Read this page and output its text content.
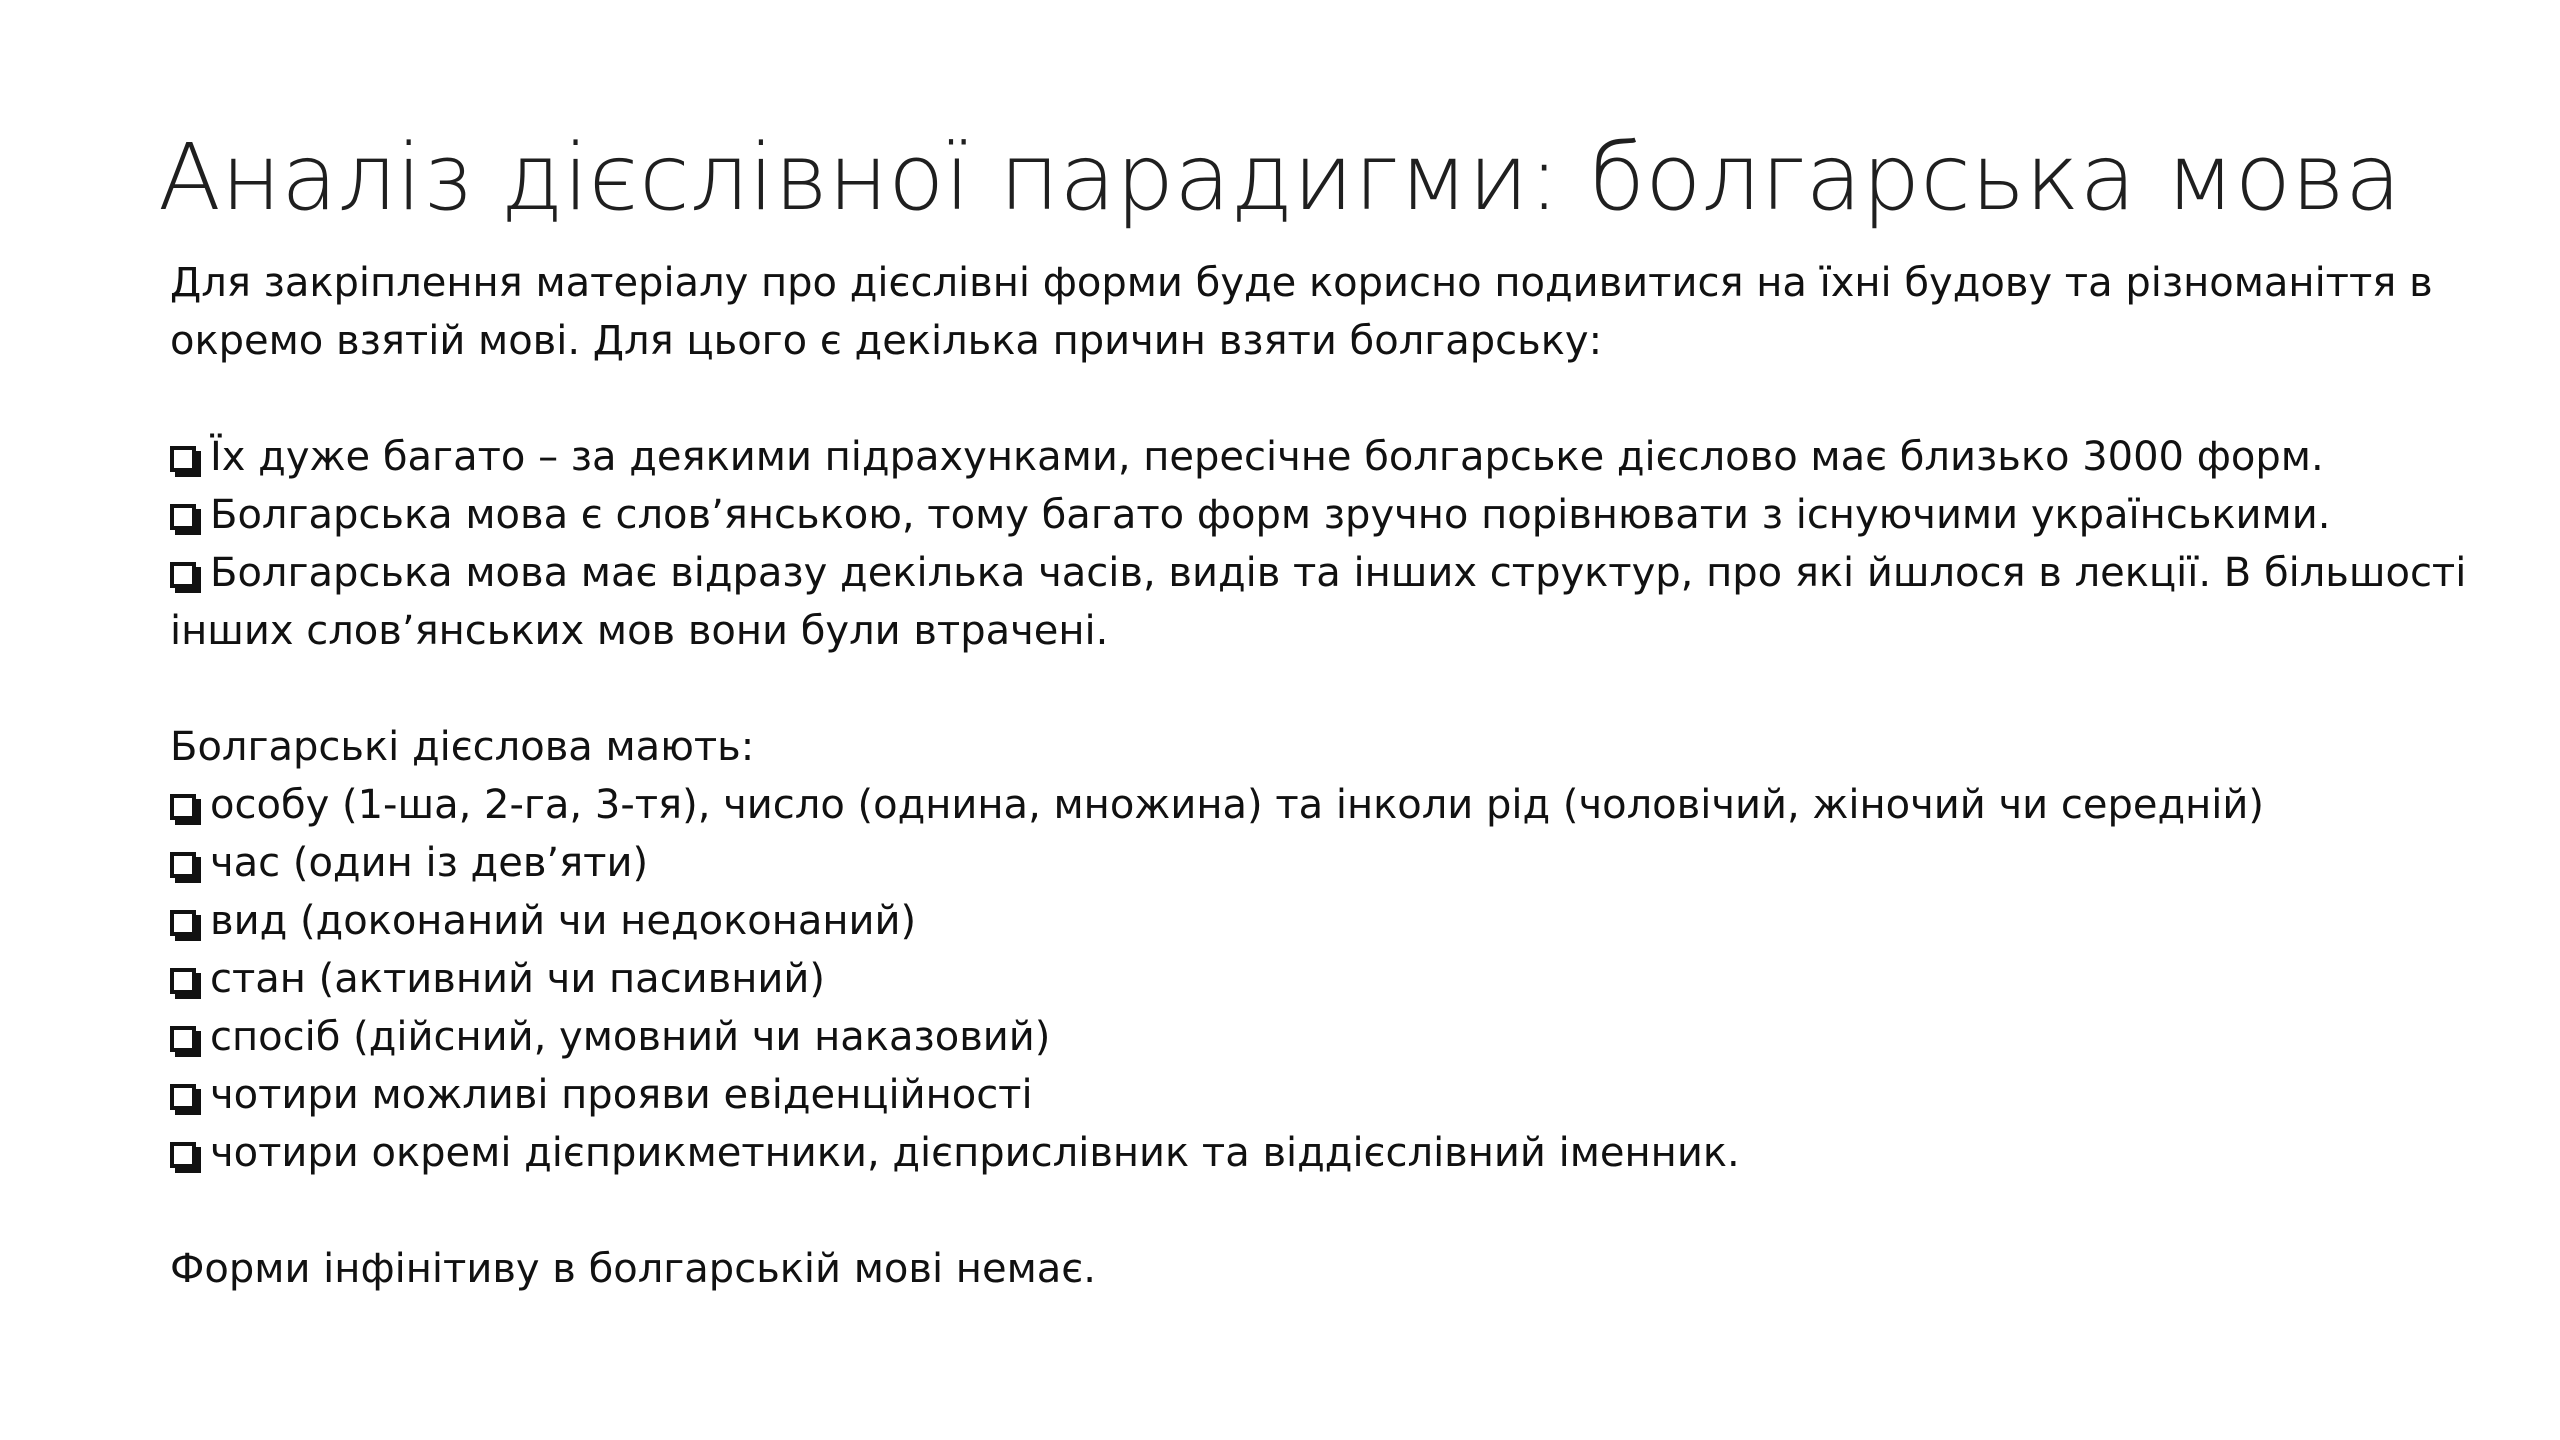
Аналіз дієслівної парадигми: болгарська мова

Для закріплення матеріалу про дієслівні форми буде корисно подивитися на їхні будову та різноманіття в окремо взятій мові. Для цього є декілька причин взяти болгарську:

Їх дуже багато – за деякими підрахунками, пересічне болгарське дієслово має близько 3000 форм.

Болгарська мова є слов’янською, тому багато форм зручно порівнювати з існуючими українськими.

Болгарська мова має відразу декілька часів, видів та інших структур, про які йшлося в лекції. В більшості інших слов’янських мов вони були втрачені.

Болгарські дієслова мають:

особу (1-ша, 2-га, 3-тя), число (однина, множина) та інколи рід (чоловічий, жіночий чи середній)

час (один із дев’яти)

вид (доконаний чи недоконаний)

стан (активний чи пасивний)

спосіб (дійсний, умовний чи наказовий)

чотири можливі прояви евіденційності

чотири окремі дієприкметники, дієприслівник та віддієслівний іменник.

Форми інфінітиву в болгарській мові немає.
